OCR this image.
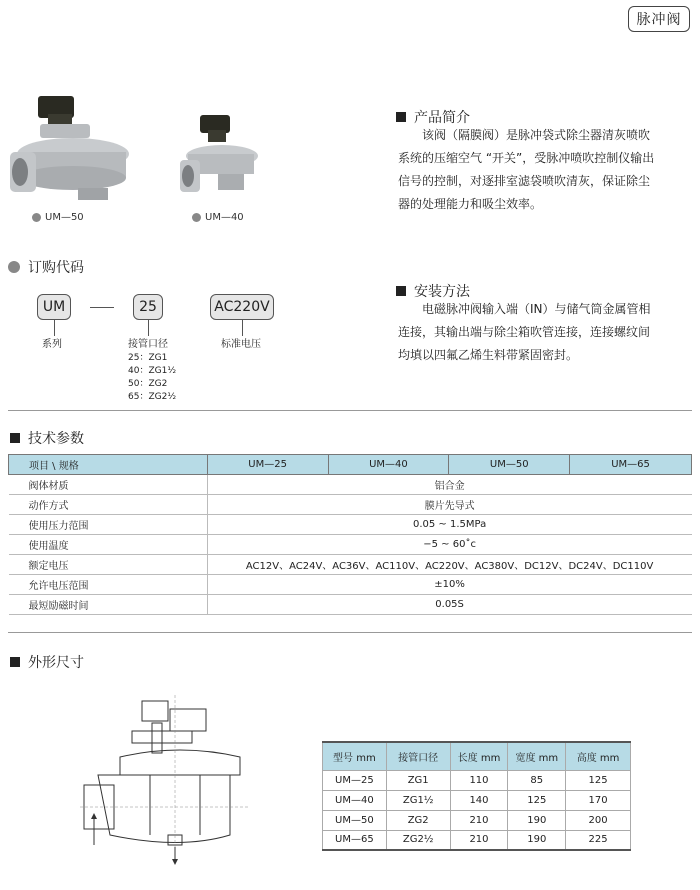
脉冲阀
UM—50	UM—40
产品简介
该阀（隔膜阀）是脉冲袋式除尘器清灰喷吹系统的压缩空气 “开关”，受脉冲喷吹控制仪输出信号的控制，对逐排室滤袋喷吹清灰，保证除尘器的处理能力和吸尘效率。
订购代码
UM	25	AC220V
系列	接管口径	标准电压
25：ZG1
40：ZG1½
50：ZG2
65：ZG2½
安装方法
电磁脉冲阀输入端（IN）与储气筒金属管相连接，其输出端与除尘箱吹管连接，连接螺纹间均填以四氟乙烯生料带紧固密封。
技术参数
项目 \ 规格	UM—25	UM—40	UM—50	UM—65
阀体材质	铝合金			
动作方式	膜片先导式			
使用压力范围	0.05 ~ 1.5MPa			
使用温度	−5 ~ 60˚c			
额定电压	AC12V、AC24V、AC36V、AC110V、AC220V、AC380V、DC12V、DC24V、DC110V			
允许电压范围	±10%			
最短励磁时间	0.05S			
外形尺寸
型号 mm	接管口径	长度 mm	宽度 mm	高度 mm
UM—25	ZG1	110	85	125
UM—40	ZG1½	140	125	170
UM—50	ZG2	210	190	200
UM—65	ZG2½	210	190	225
